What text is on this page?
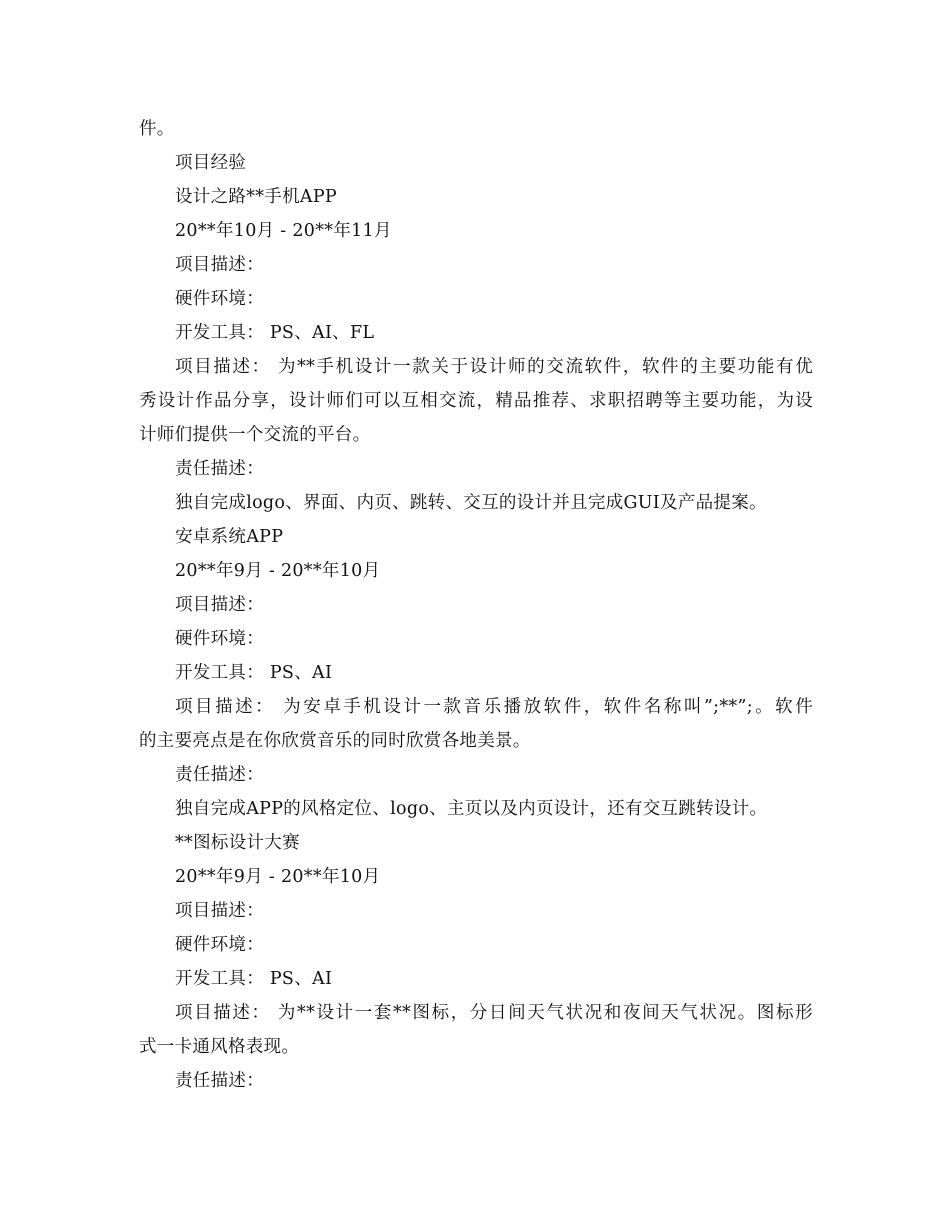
件。
项目经验
设计之路**手机APP
20**年10月 - 20**年11月
项目描述：
硬件环境：
开发工具： PS、AI、FL
项目描述： 为**手机设计一款关于设计师的交流软件，软件的主要功能有优
秀设计作品分享，设计师们可以互相交流，精品推荐、求职招聘等主要功能，为设
计师们提供一个交流的平台。
责任描述：
独自完成logo、界面、内页、跳转、交互的设计并且完成GUI及产品提案。
安卓系统APP
20**年9月 - 20**年10月
项目描述：
硬件环境：
开发工具： PS、AI
项目描述： 为安卓手机设计一款音乐播放软件，软件名称叫”;**”;。软件
的主要亮点是在你欣赏音乐的同时欣赏各地美景。
责任描述：
独自完成APP的风格定位、logo、主页以及内页设计，还有交互跳转设计。
**图标设计大赛
20**年9月 - 20**年10月
项目描述：
硬件环境：
开发工具： PS、AI
项目描述： 为**设计一套**图标，分日间天气状况和夜间天气状况。图标形
式一卡通风格表现。
责任描述：
